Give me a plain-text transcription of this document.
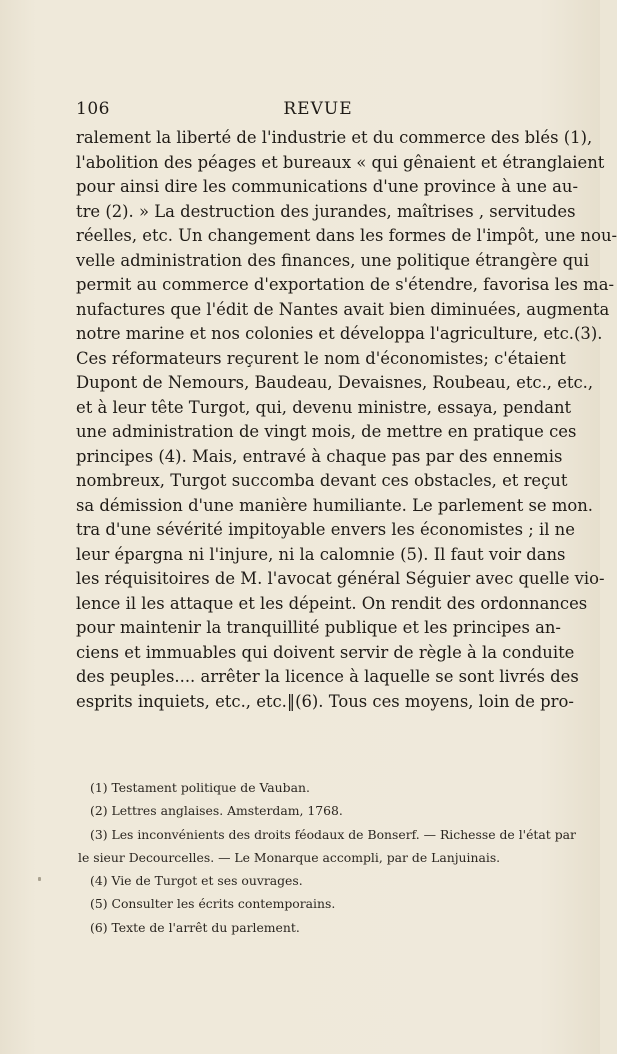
106	REVUE
ralement la liberté de l'industrie et du commerce des blés (1),
l'abolition des péages et bureaux « qui gênaient et étranglaient
pour ainsi dire les communications d'une province à une au-
tre (2). » La destruction des jurandes, maîtrises , servitudes
réelles, etc. Un changement dans les formes de l'impôt, une nou-
velle administration des finances, une politique étrangère qui
permit au commerce d'exportation de s'étendre, favorisa les ma-
nufactures que l'édit de Nantes avait bien diminuées, augmenta
notre marine et nos colonies et développa l'agriculture, etc.(3).
Ces réformateurs reçurent le nom d'économistes; c'étaient
Dupont de Nemours, Baudeau, Devaisnes, Roubeau, etc., etc.,
et à leur tête Turgot, qui, devenu ministre, essaya, pendant
une administration de vingt mois, de mettre en pratique ces
principes (4). Mais, entravé à chaque pas par des ennemis
nombreux, Turgot succomba devant ces obstacles, et reçut
sa démission d'une manière humiliante. Le parlement se mon.
tra d'une sévérité impitoyable envers les économistes ; il ne
leur épargna ni l'injure, ni la calomnie (5). Il faut voir dans
les réquisitoires de M. l'avocat général Séguier avec quelle vio-
lence il les attaque et les dépeint. On rendit des ordonnances
pour maintenir la tranquillité publique et les principes an-
ciens et immuables qui doivent servir de règle à la conduite
des peuples.... arrêter la licence à laquelle se sont livrés des
esprits inquiets, etc., etc.‖(6). Tous ces moyens, loin de pro-
(1) Testament politique de Vauban.
(2) Lettres anglaises. Amsterdam, 1768.
(3) Les inconvénients des droits féodaux de Bonserf. — Richesse de l'état par
le sieur Decourcelles. — Le Monarque accompli, par de Lanjuinais.
(4) Vie de Turgot et ses ouvrages.
(5) Consulter les écrits contemporains.
(6) Texte de l'arrêt du parlement.
